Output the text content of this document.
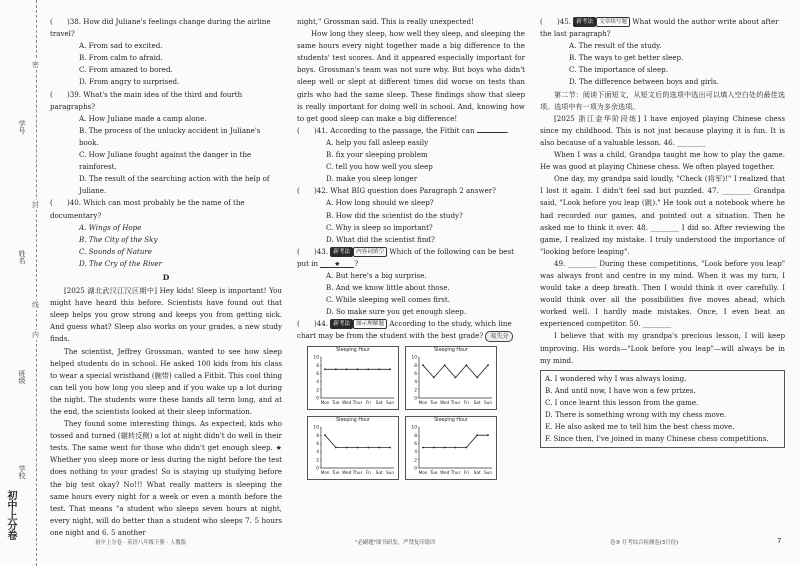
学号
姓名
班级
学校
密
封
线
内
初中上分卷

(　　)38. How did Juliane's feelings change during the airline travel?

A. From sad to excited.

B. From calm to afraid.

C. From amazed to bored.

D. From angry to surprised.

(　　)39. What's the main idea of the third and fourth paragraphs?

A. How Juliane made a camp alone.

B. The process of the unlucky accident in Juliane's book.

C. How Juliane fought against the danger in the rainforest.

D. The result of the searching action with the help of Juliane.

(　　)40. Which can most probably be the name of the documentary?

A. Wings of Hope

B. The City of the Sky

C. Sounds of Nature

D. The Cry of the River

D

[2025 湖北武汉江汉区期中] Hey kids! Sleep is important! You might have heard this before. Scientists have found out that sleep helps you grow strong and keeps you from getting sick. And guess what? Sleep also works on your grades, a new study finds.

The scientist, Jeffrey Grossman, wanted to see how sleep helped students do in school. He asked 100 kids from his class to wear a special wristband (腕带) called a Fitbit. This cool thing can tell you how long you sleep and if you wake up a lot during the night. The students wore these bands all term long, and at the end, the scientists looked at their sleep information.

They found some interesting things. As expected, kids who tossed and turned (辗转反侧) a lot at night didn't do well in their tests. The same went for those who didn't get enough sleep. ★ Whether you sleep more or less during the night before the test does nothing to your grades! So is staying up studying before the big test okay? No!!! What really matters is sleeping the same hours every night for a week or even a month before the test. That means "a student who sleeps seven hours at night, every night, will do better than a student who sleeps 7. 5 hours one night and 6. 5 another

初中上分卷 · 英语八年级下册 · 人教版

night," Grossman said. This is really unexpected!

How long they sleep, how well they sleep, and sleeping the same hours every night together made a big difference to the students' test scores. And it appeared especially important for boys. Grossman's team was not sure why. But boys who didn't sleep well or slept at different times did worse on tests than girls who had the same sleep. These findings show that sleep is really important for doing well in school. And, knowing how to get good sleep can make a big difference!

(　　)41. According to the passage, the Fitbit can	.

A. help you fall asleep easily

B. fix your sleeping problem

C. tell you how well you sleep

D. make you sleep longer

(　　)42. What BIG question does Paragraph 2 answer?

A. How long should we sleep?

B. How did the scientist do the study?

C. Why is sleep so important?

D. What did the scientist find?

(　　)43. 新考法 内容词填空 Which of the following can be best put in ★ ?

A. But here's a big surprise.

B. And we know little about those.

C. While sleeping well comes first.

D. So make sure you get enough sleep.

(　　)44. 新考法 图示理解题 According to the study, which line chart may be from the student with the best grade? 易失分

Sleeping Hour
0
2
4
6
8
10
Mon Tue Wed Thur Fri Sat Sun
Sleeping Hour
0
2
4
6
8
10
Mon Tue Wed Thur Fri Sat Sun
Sleeping Hour
0
2
4
6
8
10
Mon Tue Wed Thur Fri Sat Sun
Sleeping Hour
0
2
4
6
8
10
Mon Tue Wed Thur Fri Sat Sun
"必刷题"图书研发，严禁复印盗印

(　　)45. 新考法 文章续写题 What would the author write about after the last paragraph?

A. The result of the study.

B. The ways to get better sleep.

C. The importance of sleep.

D. The difference between boys and girls.

第二节：阅读下面短文，从短文后的选项中选出可以填入空白处的最佳选项。选项中有一项为多余选项。

[2025 浙江金华阶段练] I have enjoyed playing Chinese chess since my childhood. This is not just because playing it is fun. It is also because of a valuable lesson. 46. ________

When I was a child, Grandpa taught me how to play the game. He was good at playing Chinese chess. We often played together.

One day, my grandpa said loudly, "Check (将军)!" I realized that I lost it again. I didn't feel sad but puzzled. 47. ________ Grandpa said, "Look before you leap (跳)." He took out a notebook where he had recorded our games, and pointed out a situation. Then he asked me to think it over. 48. ________ I did so. After reviewing the game, I realized my mistake. I truly understood the importance of "looking before leaping".

49. ________ During these competitions, "Look before you leap" was always front and centre in my mind. When it was my turn, I would take a deep breath. Then I would think it over carefully. I would think over all the possibilities five moves ahead, which worked well. I hardly made mistakes. Once, I even beat an experienced competitor. 50. ________

I believe that with my grandpa's precious lesson, I will keep improving. His words—"Look before you leap"—will always be in my mind.

A. I wondered why I was always losing.

B. And until now, I have won a few prizes.

C. I once learnt this lesson from the game.

D. There is something wrong with my chess move.

E. He also asked me to tell him the best chess move.

F. Since then, I've joined in many Chinese chess competitions.

卷③ 月考综合检测卷(3月份)	7
